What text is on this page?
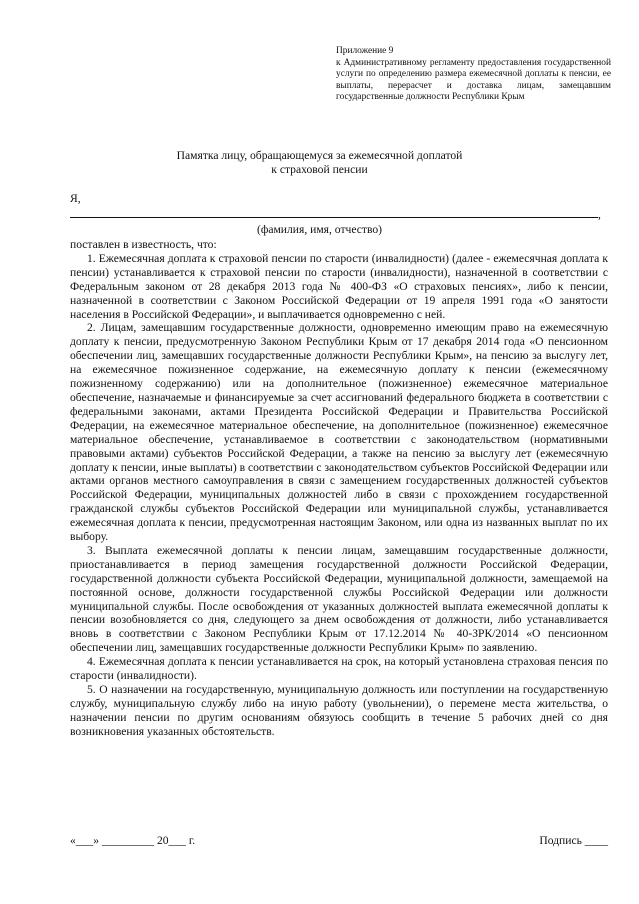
Приложение 9
к Административному регламенту предоставления государственной услуги по определению размера ежемесячной доплаты к пенсии, ее выплаты, перерасчет и доставка лицам, замещавшим государственные должности Республики Крым
Памятка лицу, обращающемуся за ежемесячной доплатой
к страховой пенсии
Я,
,
(фамилия, имя, отчество)

поставлен в известность, что:

1. Ежемесячная доплата к страховой пенсии по старости (инвалидности) (далее - ежемесячная доплата к пенсии) устанавливается к страховой пенсии по старости (инвалидности), назначенной в соответствии с Федеральным законом от 28 декабря 2013 года № 400-ФЗ «О страховых пенсиях», либо к пенсии, назначенной в соответствии с Законом Российской Федерации от 19 апреля 1991 года «О занятости населения в Российской Федерации», и выплачивается одновременно с ней.

2. Лицам, замещавшим государственные должности, одновременно имеющим право на ежемесячную доплату к пенсии, предусмотренную Законом Республики Крым от 17 декабря 2014 года «О пенсионном обеспечении лиц, замещавших государственные должности Республики Крым», на пенсию за выслугу лет, на ежемесячное пожизненное содержание, на ежемесячную доплату к пенсии (ежемесячному пожизненному содержанию) или на дополнительное (пожизненное) ежемесячное материальное обеспечение, назначаемые и финансируемые за счет ассигнований федерального бюджета в соответствии с федеральными законами, актами Президента Российской Федерации и Правительства Российской Федерации, на ежемесячное материальное обеспечение, на дополнительное (пожизненное) ежемесячное материальное обеспечение, устанавливаемое в соответствии с законодательством (нормативными правовыми актами) субъектов Российской Федерации, а также на пенсию за выслугу лет (ежемесячную доплату к пенсии, иные выплаты) в соответствии с законодательством субъектов Российской Федерации или актами органов местного самоуправления в связи с замещением государственных должностей субъектов Российской Федерации, муниципальных должностей либо в связи с прохождением государственной гражданской службы субъектов Российской Федерации или муниципальной службы, устанавливается ежемесячная доплата к пенсии, предусмотренная настоящим Законом, или одна из названных выплат по их выбору.

3. Выплата ежемесячной доплаты к пенсии лицам, замещавшим государственные должности, приостанавливается в период замещения государственной должности Российской Федерации, государственной должности субъекта Российской Федерации, муниципальной должности, замещаемой на постоянной основе, должности государственной службы Российской Федерации или должности муниципальной службы. После освобождения от указанных должностей выплата ежемесячной доплаты к пенсии возобновляется со дня, следующего за днем освобождения от должности, либо устанавливается вновь в соответствии с Законом Республики Крым от 17.12.2014 № 40-ЗРК/2014 «О пенсионном обеспечении лиц, замещавших государственные должности Республики Крым» по заявлению.

4. Ежемесячная доплата к пенсии устанавливается на срок, на который установлена страховая пенсия по старости (инвалидности).

5. О назначении на государственную, муниципальную должность или поступлении на государственную службу, муниципальную службу либо на иную работу (увольнении), о перемене места жительства, о назначении пенсии по другим основаниям обязуюсь сообщить в течение 5 рабочих дней со дня возникновения указанных обстоятельств.

«___» _________ 20___ г.	Подпись ____
